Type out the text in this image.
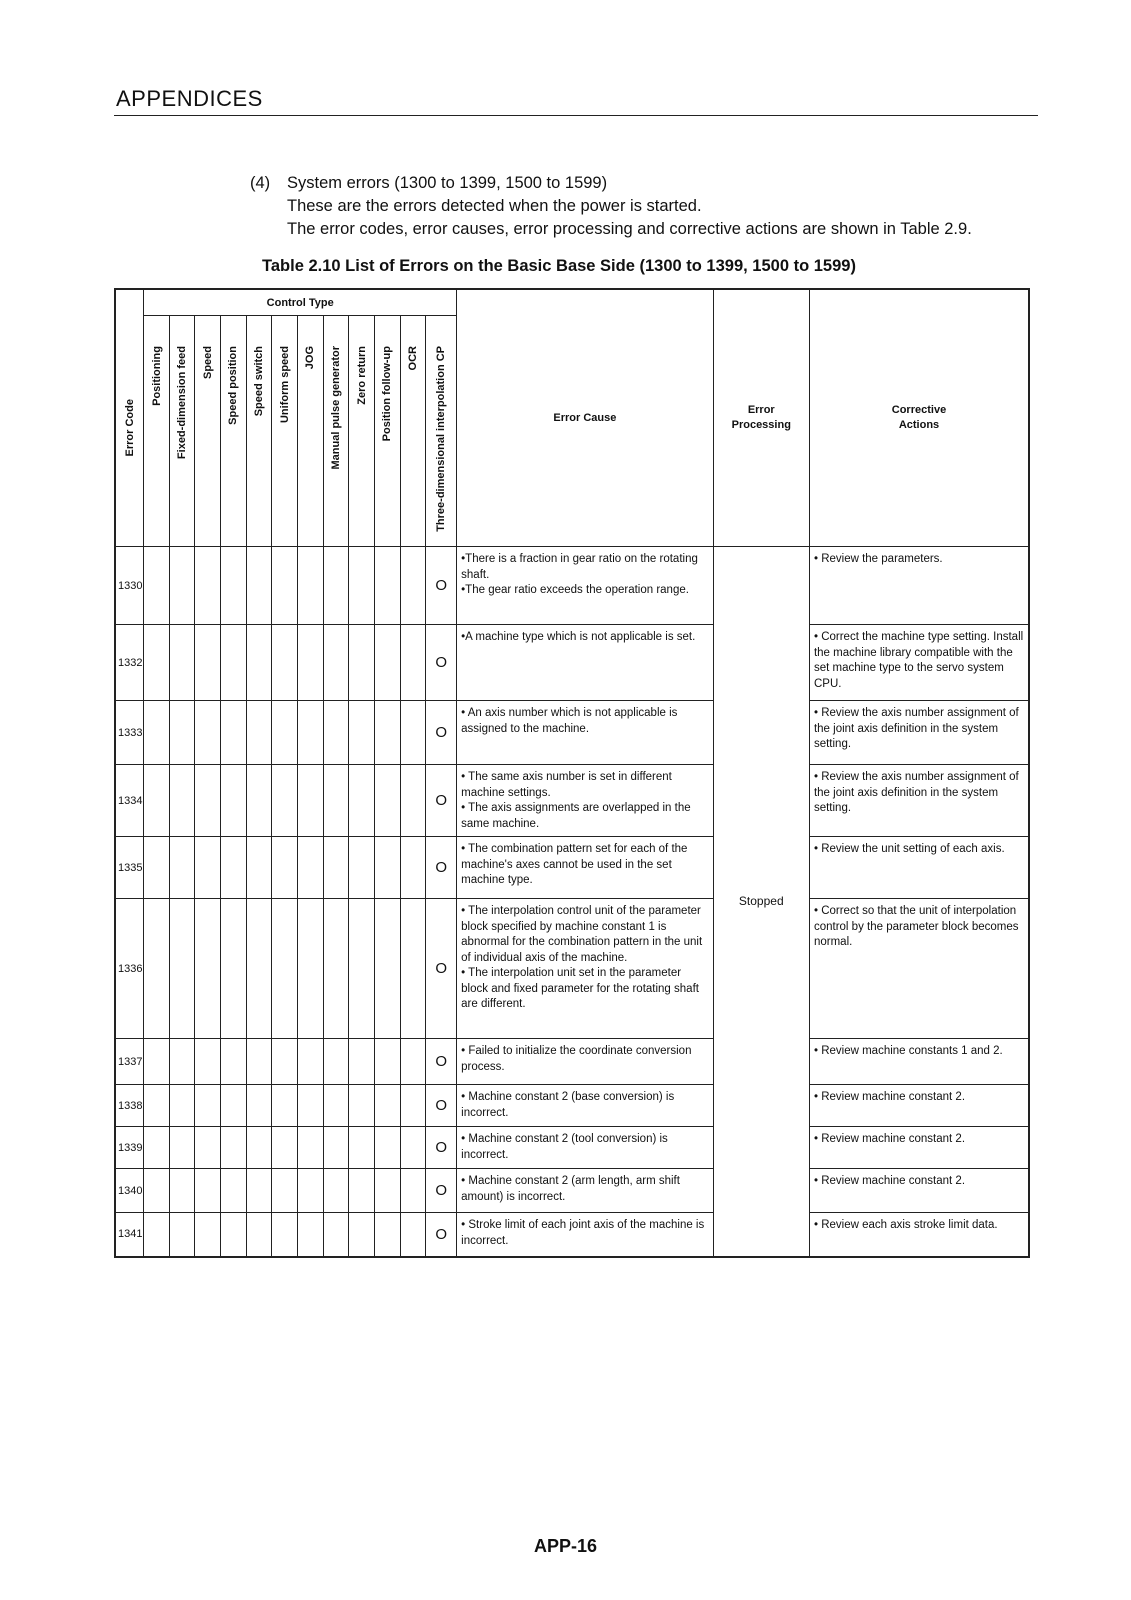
APPENDICES
(4)	System errors (1300 to 1399, 1500 to 1599)
These are the errors detected when the power is started.
The error codes, error causes, error processing and corrective actions are shown in Table 2.9.
Table 2.10 List of Errors on the Basic Base Side (1300 to 1399, 1500 to 1599)
Error Code	Control Type												Error Cause	Error Processing	Corrective Actions

	Positioning	Fixed-dimension feed	Speed	Speed position	Speed switch	Uniform speed	JOG	Manual pulse generator	Zero return	Position follow-up	OCR	Three-dimensional interpolation CP			

1330												O	•There is a fraction in gear ratio on the rotating shaft.
•The gear ratio exceeds the operation range.	Stopped	• Review the parameters.

1332												O	•A machine type which is not applicable is set.		• Correct the machine type setting. Install the machine library compatible with the set machine type to the servo system CPU.

1333												O	• An axis number which is not applicable is assigned to the machine.		• Review the axis number assignment of the joint axis definition in the system setting.

1334												O	• The same axis number is set in different machine settings.
• The axis assignments are overlapped in the same machine.		• Review the axis number assignment of the joint axis definition in the system setting.

1335												O	• The combination pattern set for each of the machine's axes cannot be used in the set machine type.		• Review the unit setting of each axis.

1336												O	• The interpolation control unit of the parameter block specified by machine constant 1 is abnormal for the combination pattern in the unit of individual axis of the machine.
• The interpolation unit set in the parameter block and fixed parameter for the rotating shaft are different.		• Correct so that the unit of interpolation control by the parameter block becomes normal.

1337												O	• Failed to initialize the coordinate conversion process.		• Review machine constants 1 and 2.

1338												O	• Machine constant 2 (base conversion) is incorrect.		• Review machine constant 2.

1339												O	• Machine constant 2 (tool conversion) is incorrect.		• Review machine constant 2.

1340												O	• Machine constant 2 (arm length, arm shift amount) is incorrect.		• Review machine constant 2.

1341												O	• Stroke limit of each joint axis of the machine is incorrect.		• Review each axis stroke limit data.
APP-16
